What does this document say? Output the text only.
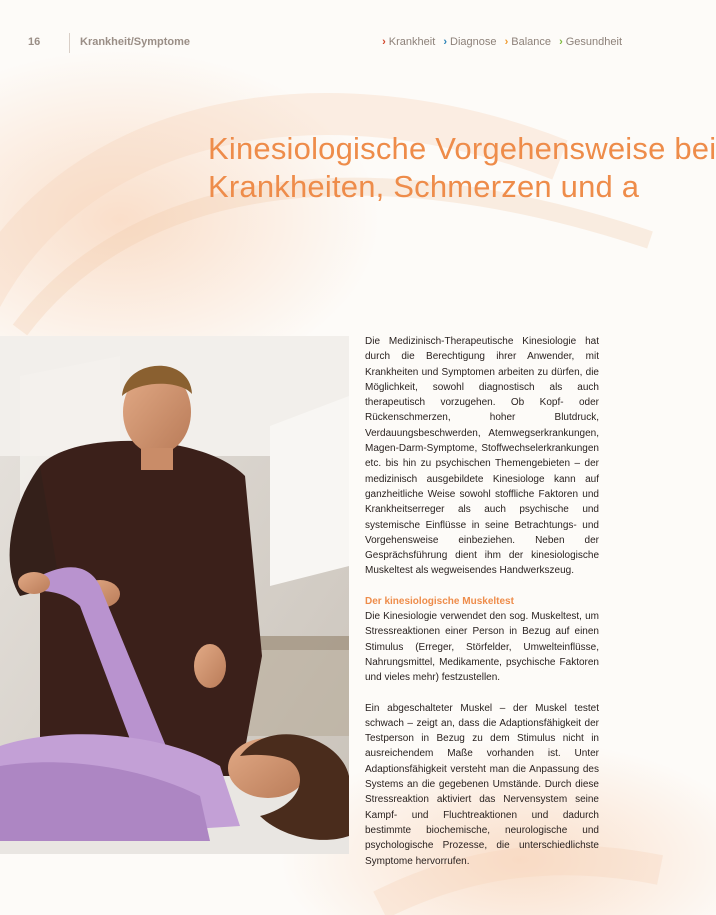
16	Krankheit/Symptome	› Krankheit › Diagnose › Balance › Gesundheit
Kinesiologische Vorgehensweise bei
Krankheiten, Schmerzen und a

Die Medizinisch-Therapeutische Kinesiologie hat durch die Berechtigung ihrer Anwender, mit Krankheiten und Symptomen arbeiten zu dürfen, die Möglichkeit, sowohl diagnostisch als auch therapeutisch vorzugehen. Ob Kopf- oder Rückenschmerzen, hoher Blutdruck, Verdauungsbeschwerden, Atemwegserkrankungen, Magen-Darm-Symptome, Stoffwechselerkrankungen etc. bis hin zu psychischen Themengebieten – der medizinisch ausgebildete Kinesiologe kann auf ganzheitliche Weise sowohl stoffliche Faktoren und Krankheitserreger als auch psychische und systemische Einflüsse in seine Betrachtungs- und Vorgehensweise einbeziehen. Neben der Gesprächsführung dient ihm der kinesiologische Muskeltest als wegweisendes Handwerkszeug.

Der kinesiologische Muskeltest

Die Kinesiologie verwendet den sog. Muskeltest, um Stressreaktionen einer Person in Bezug auf einen Stimulus (Erreger, Störfelder, Umwelteinflüsse, Nahrungsmittel, Medikamente, psychische Faktoren und vieles mehr) festzustellen.

Ein abgeschalteter Muskel – der Muskel testet schwach – zeigt an, dass die Adaptionsfähigkeit der Testperson in Bezug zu dem Stimulus nicht in ausreichendem Maße vorhanden ist. Unter Adaptionsfähigkeit versteht man die Anpassung des Systems an die gegebenen Umstände. Durch diese Stressreaktion aktiviert das Nervensystem seine Kampf- und Fluchtreaktionen und dadurch bestimmte biochemische, neurologische und psychologische Prozesse, die unterschiedlichste Symptome hervorrufen.
